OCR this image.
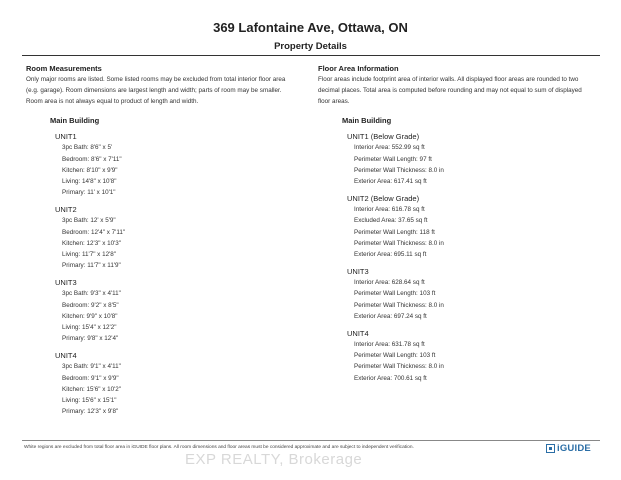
369 Lafontaine Ave, Ottawa, ON
Property Details
Room Measurements
Only major rooms are listed. Some listed rooms may be excluded from total interior floor area
(e.g. garage). Room dimensions are largest length and width; parts of room may be smaller.
Room area is not always equal to product of length and width.
Main Building
UNIT1
3pc Bath: 8'6" x 5'
Bedroom: 8'6" x 7'11"
Kitchen: 8'10" x 9'9"
Living: 14'8" x 10'8"
Primary: 11' x 10'1"
UNIT2
3pc Bath: 12' x 5'9"
Bedroom: 12'4" x 7'11"
Kitchen: 12'3" x 10'3"
Living: 11'7" x 12'8"
Primary: 11'7" x 11'9"
UNIT3
3pc Bath: 9'3" x 4'11"
Bedroom: 9'2" x 8'5"
Kitchen: 9'9" x 10'8"
Living: 15'4" x 12'2"
Primary: 9'8" x 12'4"
UNIT4
3pc Bath: 9'1" x 4'11"
Bedroom: 9'1" x 9'9"
Kitchen: 15'6" x 10'2"
Living: 15'6" x 15'1"
Primary: 12'3" x 9'8"
Floor Area Information
Floor areas include footprint area of interior walls. All displayed floor areas are rounded to two
decimal places. Total area is computed before rounding and may not equal to sum of displayed
floor areas.
Main Building
UNIT1 (Below Grade)
Interior Area: 552.99 sq ft
Perimeter Wall Length: 97 ft
Perimeter Wall Thickness: 8.0 in
Exterior Area: 617.41 sq ft
UNIT2 (Below Grade)
Interior Area: 616.78 sq ft
Excluded Area: 37.65 sq ft
Perimeter Wall Length: 118 ft
Perimeter Wall Thickness: 8.0 in
Exterior Area: 695.11 sq ft
UNIT3
Interior Area: 628.64 sq ft
Perimeter Wall Length: 103 ft
Perimeter Wall Thickness: 8.0 in
Exterior Area: 697.24 sq ft
UNIT4
Interior Area: 631.78 sq ft
Perimeter Wall Length: 103 ft
Perimeter Wall Thickness: 8.0 in
Exterior Area: 700.61 sq ft
White regions are excluded from total floor area in iGUIDE floor plans. All room dimensions and floor areas must be considered approximate and are subject to independent verification.
EXP REALTY, Brokerage
iGUIDE
